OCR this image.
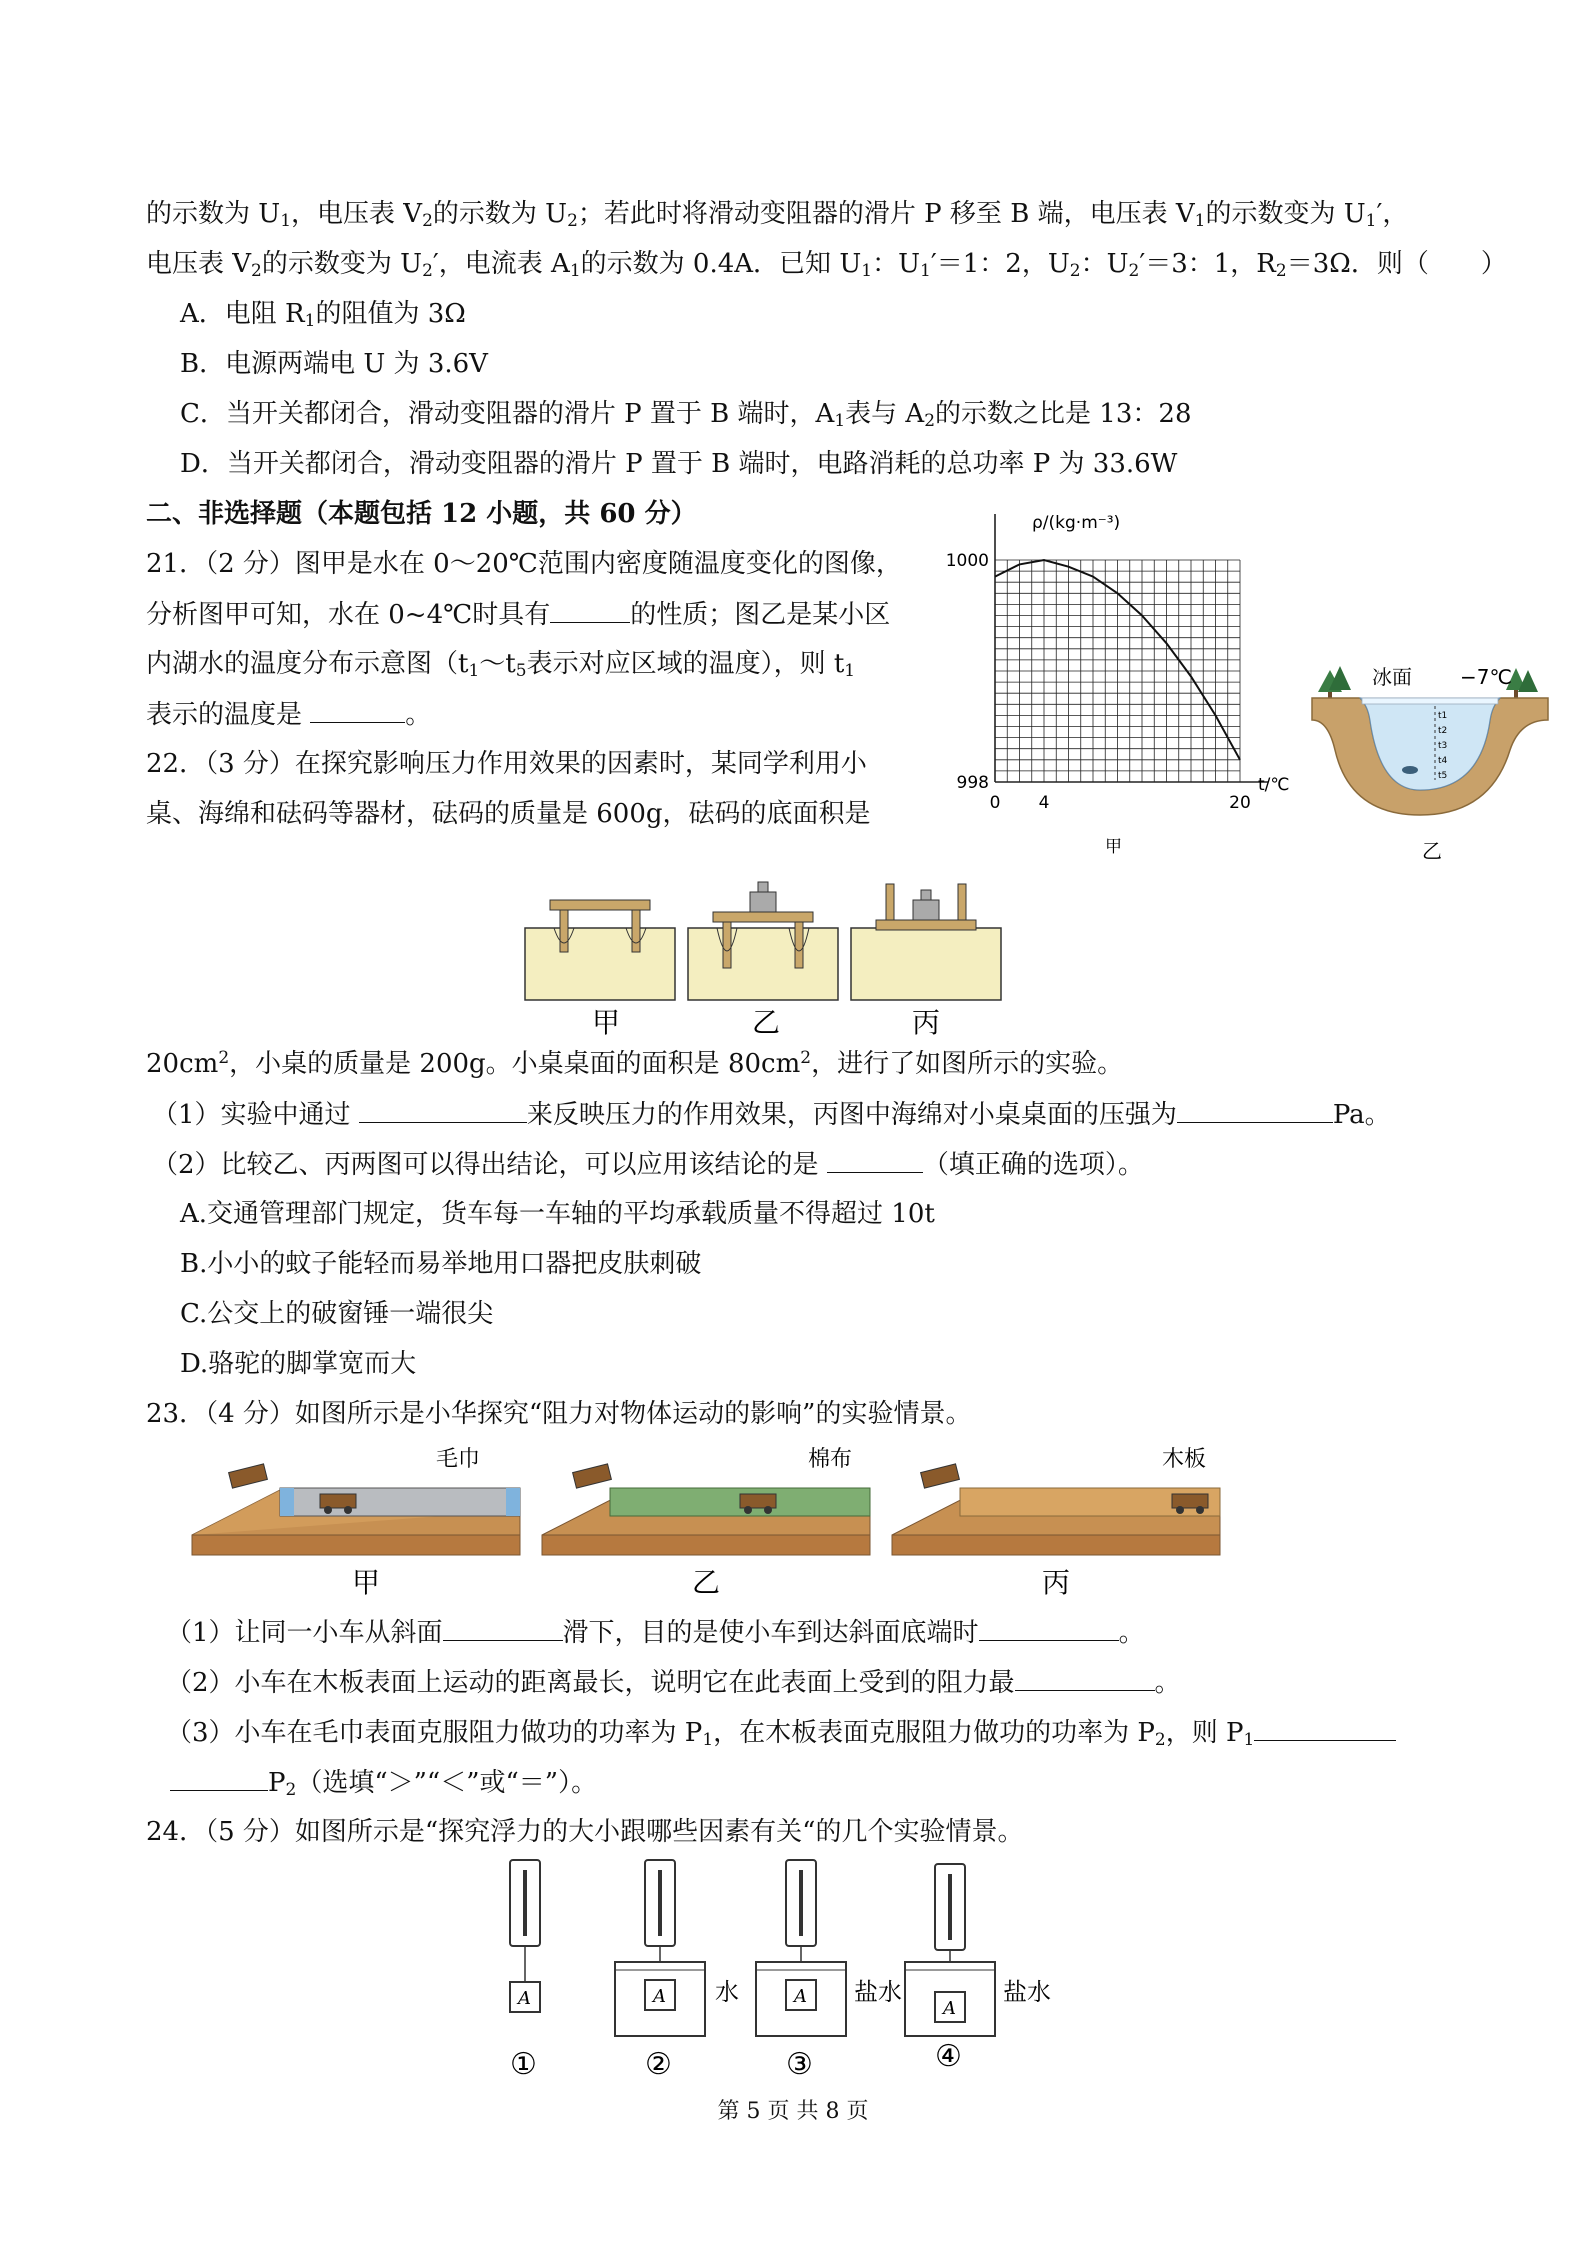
的示数为 $U_1$，电压表 $V_2$的示数为 $U_2$；若此时将滑动变阻器的滑片 P 移至 B 端，电压表 $V_1$的示数变为 $U_1'$，
电压表 $V_2$的示数变为 $U_2'$，电流表 $A_1$的示数为 0.4A．已知 $U_1$：$U_1'=1$：2，$U_2$：$U_2'=3$：1，$R_2=3\Omega$．则（　　）
A．电阻 $R_1$的阻值为 3Ω
B．电源两端电 U 为 3.6V
C．当开关都闭合，滑动变阻器的滑片 P 置于 B 端时，$A_1$表与 $A_2$的示数之比是 13：28
D．当开关都闭合，滑动变阻器的滑片 P 置于 B 端时，电路消耗的总功率 P 为 33.6W
二、非选择题（本题包括 12 小题，共 60 分）
21．（2 分）图甲是水在 0～20℃范围内密度随温度变化的图像，
分析图甲可知，水在 0~4℃时具有	的性质；图乙是某小区
内湖水的温度分布示意图（$t_1\sim t_5$表示对应区域的温度），则 $t_1$
表示的温度是	。
1000
998
0 4	20
ρ/(kg·m⁻³)
t/℃
甲
t1
t2
t3
t4
t5
冰面 −7℃
乙
22．（3 分）在探究影响压力作用效果的因素时，某同学利用小
桌、海绵和砝码等器材，砝码的质量是 600g，砝码的底面积是
甲	乙	丙
$20cm^2$，小桌的质量是 200g。小桌桌面的面积是 $80cm^2$，进行了如图所示的实验。
（1）实验中通过	来反映压力的作用效果，丙图中海绵对小桌桌面的压强为	Pa。
（2）比较乙、丙两图可以得出结论，可以应用该结论的是	（填正确的选项）。
A.交通管理部门规定，货车每一车轴的平均承载质量不得超过 10t
B.小小的蚊子能轻而易举地用口器把皮肤刺破
C.公交上的破窗锤一端很尖
D.骆驼的脚掌宽而大
23．（4 分）如图所示是小华探究“阻力对物体运动的影响”的实验情景。
毛巾	棉布	木板
甲	乙	丙
（1）让同一小车从斜面	滑下，目的是使小车到达斜面底端时	。
（2）小车在木板表面上运动的距离最长，说明它在此表面上受到的阻力最	。
（3）小车在毛巾表面克服阻力做功的功率为 $P_1$，在木板表面克服阻力做功的功率为 $P_2$，则 $P_1$
$P_2$（选填“＞”“＜”或“＝”）。
24．（5 分）如图所示是“探究浮力的大小跟哪些因素有关“的几个实验情景。
A	A 水	A 盐水
A
盐水
①	②	③	④
第 5 页 共 8 页
